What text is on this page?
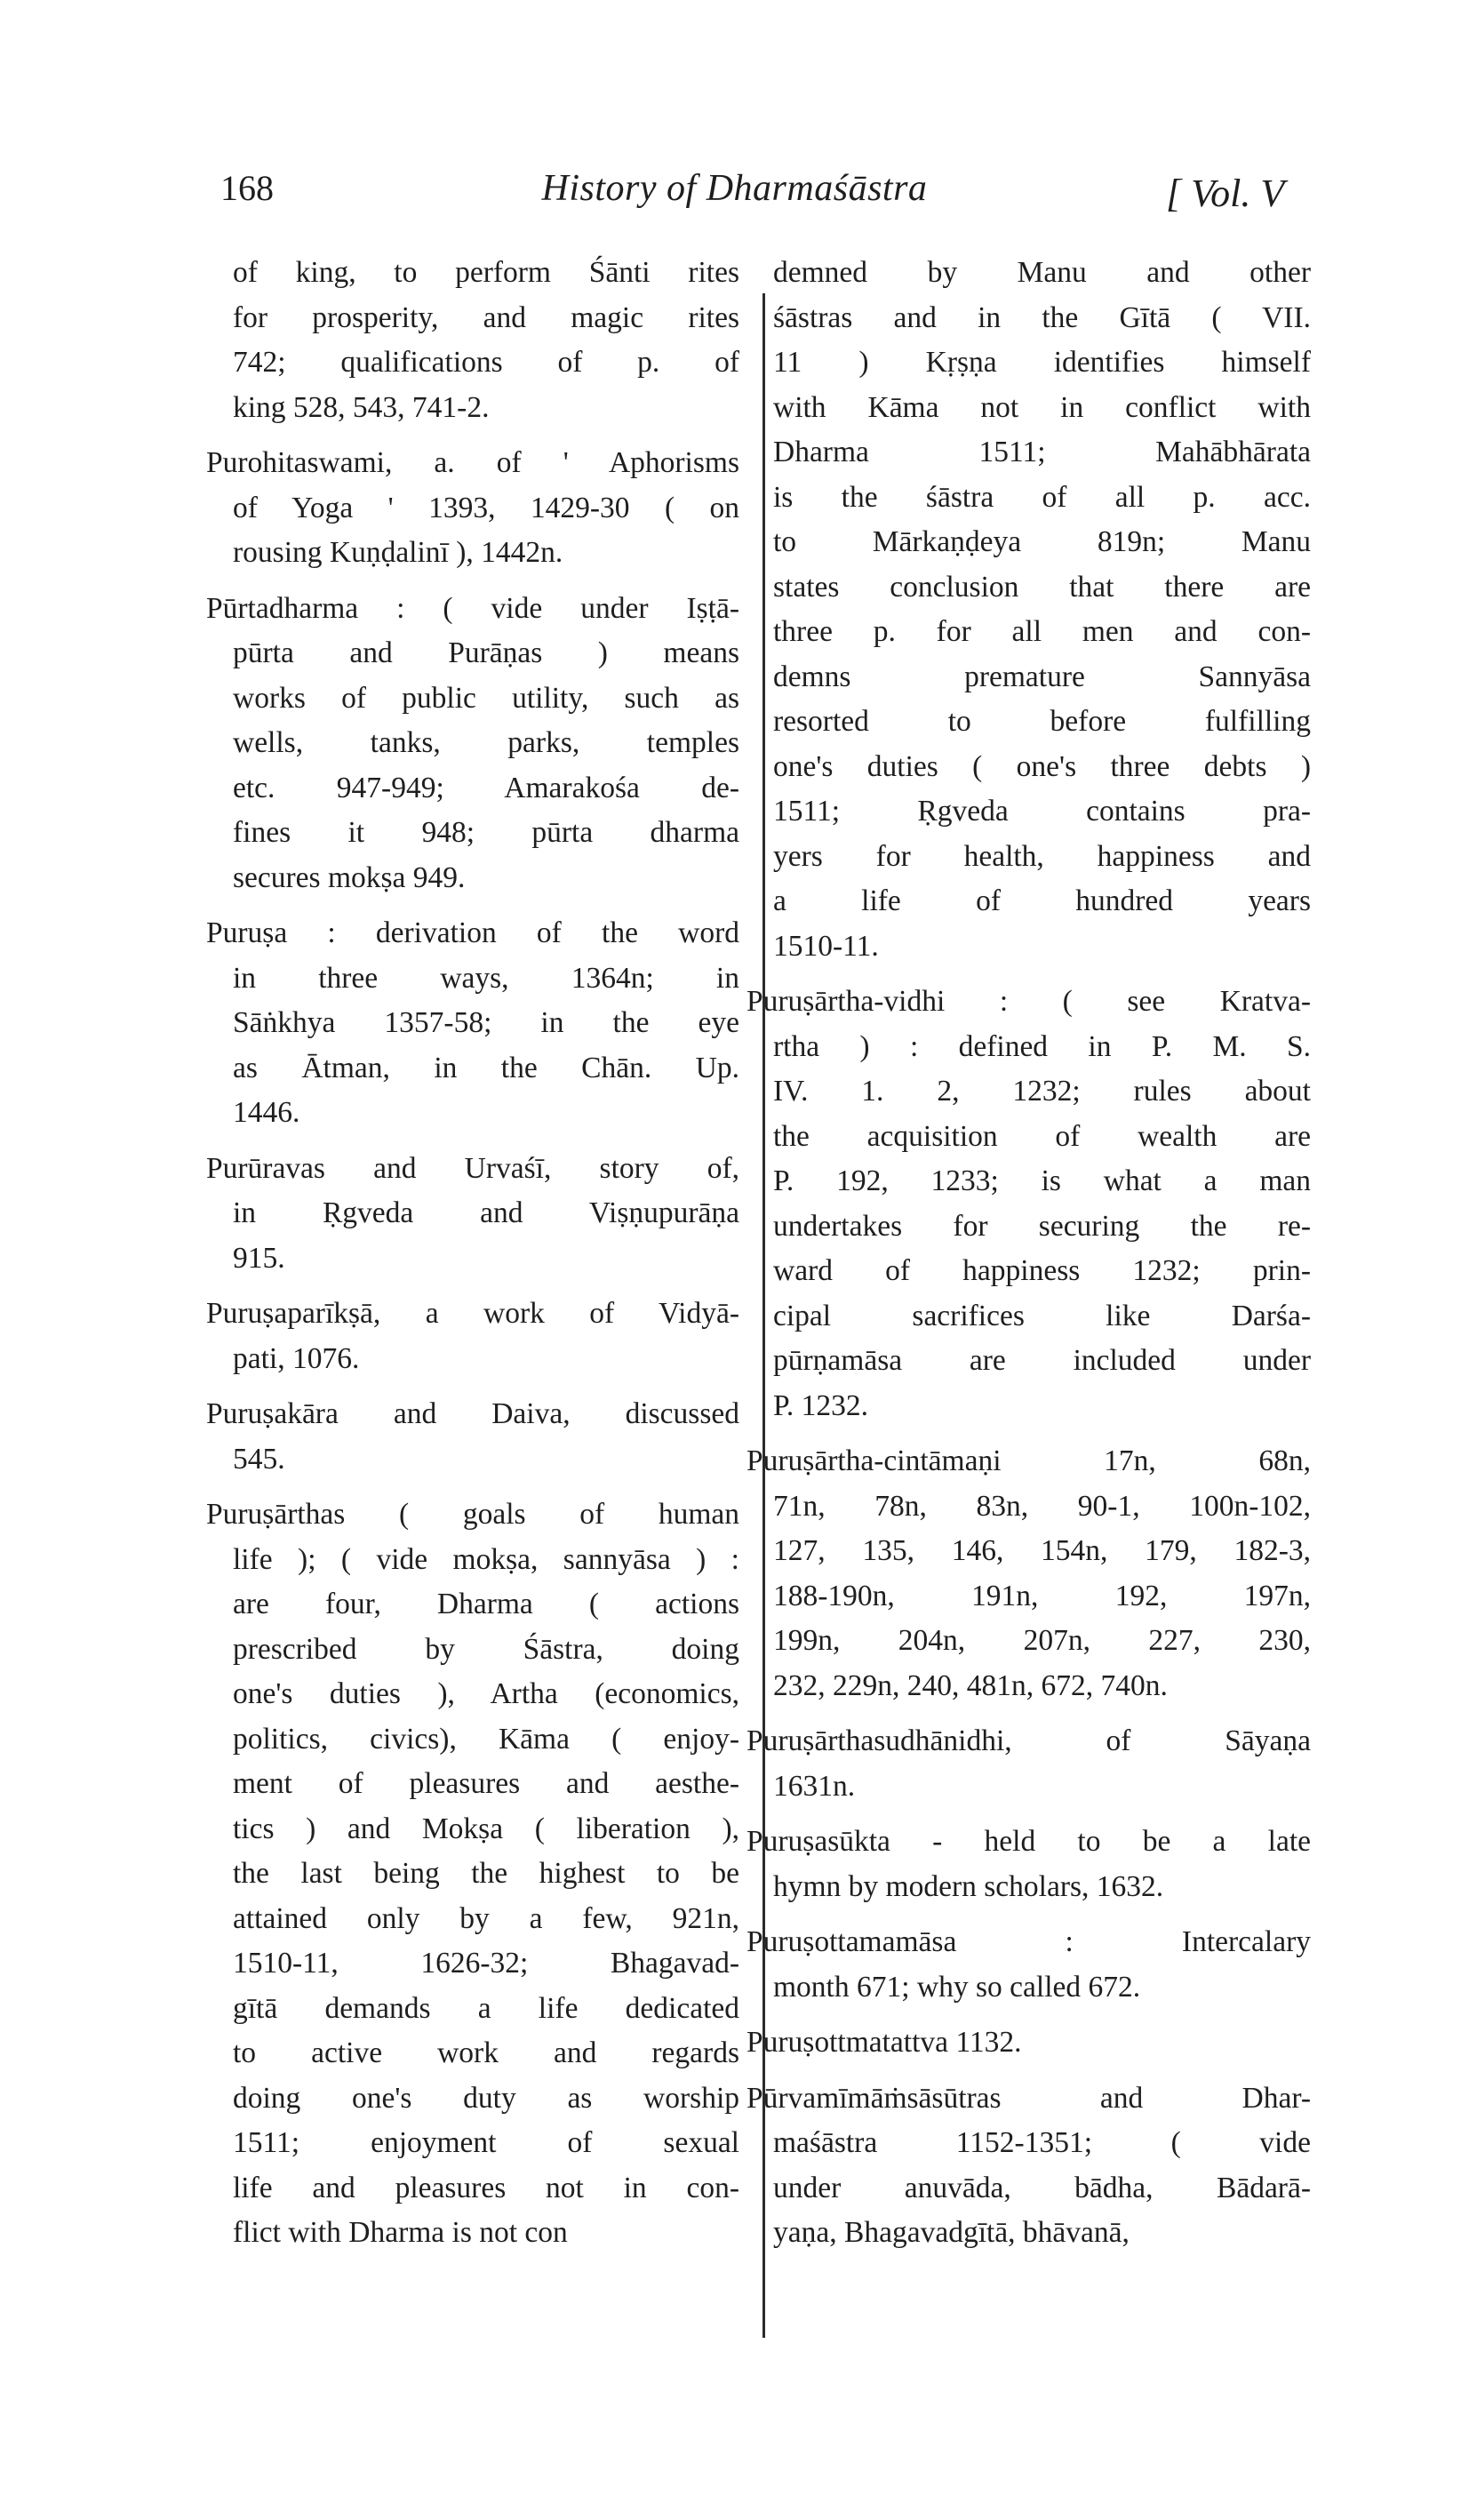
168	History of Dharmaśāstra	[ Vol. V
of king, to perform Śānti rites
for prosperity, and magic rites
742; qualifications of p. of
king 528, 543, 741-2.
Purohitaswami, a. of ' Aphorisms
of Yoga ' 1393, 1429-30 ( on
rousing Kuṇḍalinī ), 1442n.
Pūrtadharma : ( vide under Iṣṭā-
pūrta and Purāṇas ) means
works of public utility, such as
wells, tanks, parks, temples
etc. 947-949; Amarakośa de-
fines it 948; pūrta dharma
secures mokṣa 949.
Puruṣa : derivation of the word
in three ways, 1364n; in
Sāṅkhya 1357-58; in the eye
as Ātman, in the Chān. Up.
1446.
Purūravas and Urvaśī, story of,
in Ṛgveda and Viṣṇupurāṇa
915.
Puruṣaparīkṣā, a work of Vidyā-
pati, 1076.
Puruṣakāra and Daiva, discussed
545.
Puruṣārthas ( goals of human
life ); ( vide mokṣa, sannyāsa ) :
are four, Dharma ( actions
prescribed by Śāstra, doing
one's duties ), Artha (economics,
politics, civics), Kāma ( enjoy-
ment of pleasures and aesthe-
tics ) and Mokṣa ( liberation ),
the last being the highest to be
attained only by a few, 921n,
1510-11, 1626-32; Bhagavad-
gītā demands a life dedicated
to active work and regards
doing one's duty as worship
1511; enjoyment of sexual
life and pleasures not in con-
flict with Dharma is not con
demned by Manu and other
śāstras and in the Gītā ( VII.
11 ) Kṛṣṇa identifies himself
with Kāma not in conflict with
Dharma 1511; Mahābhārata
is the śāstra of all p. acc.
to Mārkaṇḍeya 819n; Manu
states conclusion that there are
three p. for all men and con-
demns premature Sannyāsa
resorted to before fulfilling
one's duties ( one's three debts )
1511; Ṛgveda contains pra-
yers for health, happiness and
a life of hundred years
1510-11.
Puruṣārtha-vidhi : ( see Kratva-
rtha ) : defined in P. M. S.
IV. 1. 2, 1232; rules about
the acquisition of wealth are
P. 192, 1233; is what a man
undertakes for securing the re-
ward of happiness 1232; prin-
cipal sacrifices like Darśa-
pūrṇamāsa are included under
P. 1232.
Puruṣārtha-cintāmaṇi 17n, 68n,
71n, 78n, 83n, 90-1, 100n-102,
127, 135, 146, 154n, 179, 182-3,
188-190n, 191n, 192, 197n,
199n, 204n, 207n, 227, 230,
232, 229n, 240, 481n, 672, 740n.
Puruṣārthasudhānidhi, of Sāyaṇa
1631n.
Puruṣasūkta - held to be a late
hymn by modern scholars, 1632.
Puruṣottamamāsa : Intercalary
month 671; why so called 672.
Puruṣottmatattva 1132.
Pūrvamīmāṁsāsūtras and Dhar-
maśāstra 1152-1351; ( vide
under anuvāda, bādha, Bādarā-
yaṇa, Bhagavadgītā, bhāvanā,
